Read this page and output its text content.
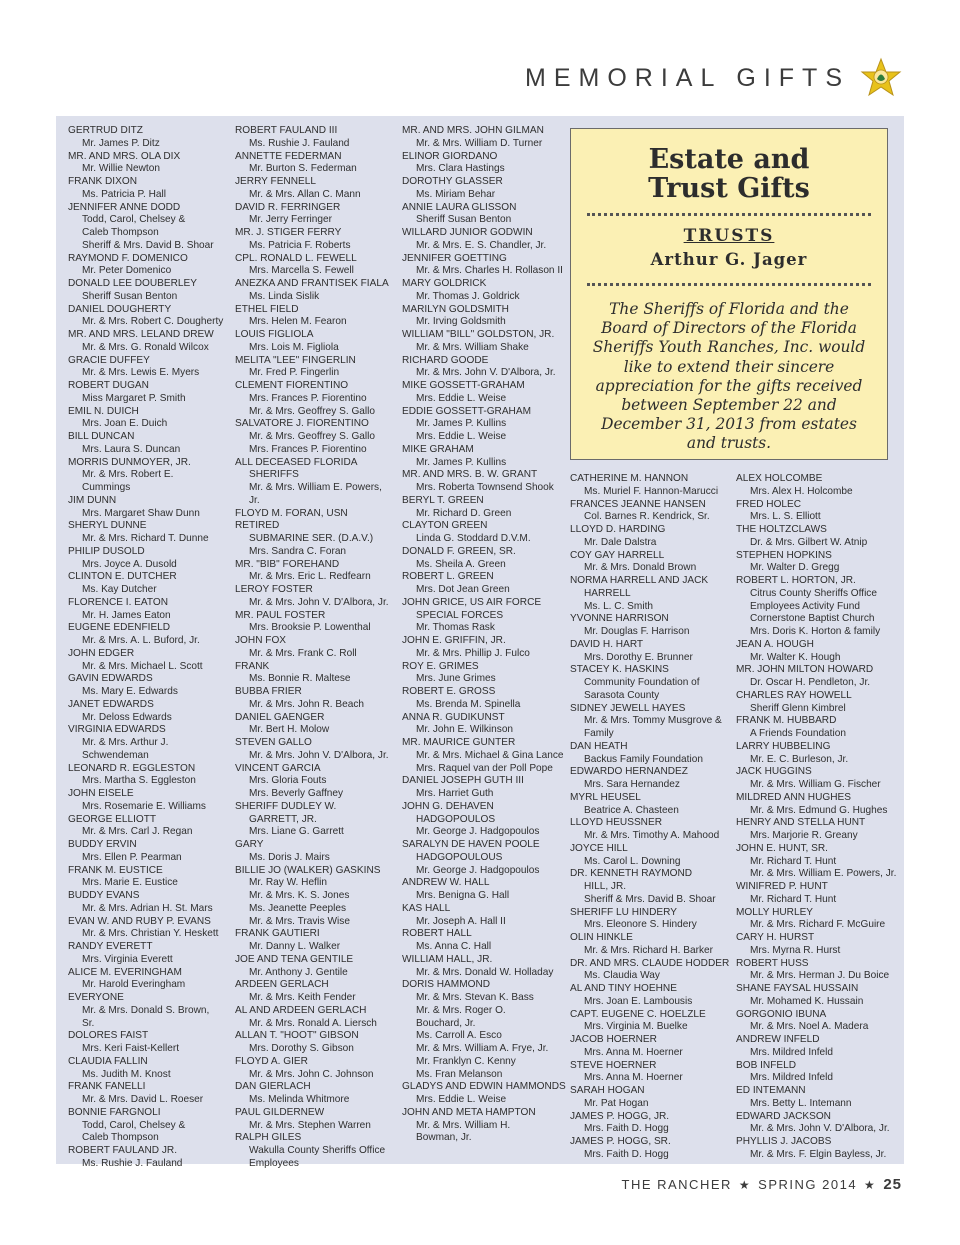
MEMORIAL GIFTS
GERTRUD DITZ
Mr. James P. Ditz
MR. AND MRS. OLA DIX
Mr. Willie Newton
FRANK DIXON
Ms. Patricia P. Hall
JENNIFER ANNE DODD
Todd, Carol, Chelsey &
Caleb Thompson
Sheriff & Mrs. David B. Shoar
RAYMOND F. DOMENICO
Mr. Peter Domenico
DONALD LEE DOUBERLEY
Sheriff Susan Benton
DANIEL DOUGHERTY
Mr. & Mrs. Robert C. Dougherty
MR. AND MRS. LELAND DREW
Mr. & Mrs. G. Ronald Wilcox
GRACIE DUFFEY
Mr. & Mrs. Lewis E. Myers
ROBERT DUGAN
Miss Margaret P. Smith
EMIL N. DUICH
Mrs. Joan E. Duich
BILL DUNCAN
Mrs. Laura S. Duncan
MORRIS DUNMOYER, JR.
Mr. & Mrs. Robert E. Cummings
JIM DUNN
Mrs. Margaret Shaw Dunn
SHERYL DUNNE
Mr. & Mrs. Richard T. Dunne
PHILIP DUSOLD
Mrs. Joyce A. Dusold
CLINTON E. DUTCHER
Ms. Kay Dutcher
FLORENCE I. EATON
Mr. H. James Eaton
EUGENE EDENFIELD
Mr. & Mrs. A. L. Buford, Jr.
JOHN EDGER
Mr. & Mrs. Michael L. Scott
GAVIN EDWARDS
Ms. Mary E. Edwards
JANET EDWARDS
Mr. Deloss Edwards
VIRGINIA EDWARDS
Mr. & Mrs. Arthur J.
Schwendeman
LEONARD R. EGGLESTON
Mrs. Martha S. Eggleston
JOHN EISELE
Mrs. Rosemarie E. Williams
GEORGE ELLIOTT
Mr. & Mrs. Carl J. Regan
BUDDY ERVIN
Mrs. Ellen P. Pearman
FRANK M. EUSTICE
Mrs. Marie E. Eustice
BUDDY EVANS
Mr. & Mrs. Adrian H. St. Mars
EVAN W. AND RUBY P. EVANS
Mr. & Mrs. Christian Y. Heskett
RANDY EVERETT
Mrs. Virginia Everett
ALICE M. EVERINGHAM
Mr. Harold Everingham
EVERYONE
Mr. & Mrs. Donald S. Brown, Sr.
DOLORES FAIST
Mrs. Keri Faist-Kellert
CLAUDIA FALLIN
Ms. Judith M. Knost
FRANK FANELLI
Mr. & Mrs. David L. Roeser
BONNIE FARGNOLI
Todd, Carol, Chelsey &
Caleb Thompson
ROBERT FAULAND JR.
Ms. Rushie J. Fauland
ROBERT FAULAND III
Ms. Rushie J. Fauland
ANNETTE FEDERMAN
Mr. Burton S. Federman
JERRY FENNELL
Mr. & Mrs. Allan C. Mann
DAVID R. FERRINGER
Mr. Jerry Ferringer
MR. J. STIGER FERRY
Ms. Patricia F. Roberts
CPL. RONALD L. FEWELL
Mrs. Marcella S. Fewell
ANEZKA AND FRANTISEK FIALA
Ms. Linda Sislik
ETHEL FIELD
Mrs. Helen M. Fearon
LOUIS FIGLIOLA
Mrs. Lois M. Figliola
MELITA "LEE" FINGERLIN
Mr. Fred P. Fingerlin
CLEMENT FIORENTINO
Mrs. Frances P. Fiorentino
Mr. & Mrs. Geoffrey S. Gallo
SALVATORE J. FIORENTINO
Mr. & Mrs. Geoffrey S. Gallo
Mrs. Frances P. Fiorentino
ALL DECEASED FLORIDA
SHERIFFS
Mr. & Mrs. William E. Powers, Jr.
FLOYD M. FORAN, USN RETIRED
SUBMARINE SER. (D.A.V.)
Mrs. Sandra C. Foran
MR. "BIB" FOREHAND
Mr. & Mrs. Eric L. Redfearn
LEROY FOSTER
Mr. & Mrs. John V. D'Albora, Jr.
MR. PAUL FOSTER
Mrs. Brooksie P. Lowenthal
JOHN FOX
Mr. & Mrs. Frank C. Roll
FRANK
Ms. Bonnie R. Maltese
BUBBA FRIER
Mr. & Mrs. John R. Beach
DANIEL GAENGER
Mr. Bert H. Molow
STEVEN GALLO
Mr. & Mrs. John V. D'Albora, Jr.
VINCENT GARCIA
Mrs. Gloria Fouts
Mrs. Beverly Gaffney
SHERIFF DUDLEY W.
GARRETT, JR.
Mrs. Liane G. Garrett
GARY
Ms. Doris J. Mairs
BILLIE JO (WALKER) GASKINS
Mr. Ray W. Heflin
Mr. & Mrs. K. S. Jones
Ms. Jeanette Peeples
Mr. & Mrs. Travis Wise
FRANK GAUTIERI
Mr. Danny L. Walker
JOE AND TENA GENTILE
Mr. Anthony J. Gentile
ARDEEN GERLACH
Mr. & Mrs. Keith Fender
AL AND ARDEEN GERLACH
Mr. & Mrs. Ronald A. Liersch
ALLAN T. "HOOT" GIBSON
Mrs. Dorothy S. Gibson
FLOYD A. GIER
Mr. & Mrs. John C. Johnson
DAN GIERLACH
Ms. Melinda Whitmore
PAUL GILDERNEW
Mr. & Mrs. Stephen Warren
RALPH GILES
Wakulla County Sheriffs Office
Employees
MR. AND MRS. JOHN GILMAN
Mr. & Mrs. William D. Turner
ELINOR GIORDANO
Mrs. Clara Hastings
DOROTHY GLASSER
Ms. Miriam Behar
ANNIE LAURA GLISSON
Sheriff Susan Benton
WILLARD JUNIOR GODWIN
Mr. & Mrs. E. S. Chandler, Jr.
JENNIFER GOETTING
Mr. & Mrs. Charles H. Rollason II
MARY GOLDRICK
Mr. Thomas J. Goldrick
MARILYN GOLDSMITH
Mr. Irving Goldsmith
WILLIAM "BILL" GOLDSTON, JR.
Mr. & Mrs. William Shake
RICHARD GOODE
Mr. & Mrs. John V. D'Albora, Jr.
MIKE GOSSETT-GRAHAM
Mrs. Eddie L. Weise
EDDIE GOSSETT-GRAHAM
Mr. James P. Kullins
Mrs. Eddie L. Weise
MIKE GRAHAM
Mr. James P. Kullins
MR. AND MRS. B. W. GRANT
Mrs. Roberta Townsend Shook
BERYL T. GREEN
Mr. Richard D. Green
CLAYTON GREEN
Linda G. Stoddard D.V.M.
DONALD F. GREEN, SR.
Ms. Sheila A. Green
ROBERT L. GREEN
Mrs. Dot Jean Green
JOHN GRICE, US AIR FORCE
SPECIAL FORCES
Mr. Thomas Rask
JOHN E. GRIFFIN, JR.
Mr. & Mrs. Phillip J. Fulco
ROY E. GRIMES
Mrs. June Grimes
ROBERT E. GROSS
Ms. Brenda M. Spinella
ANNA R. GUDIKUNST
Mr. John E. Wilkinson
MR. MAURICE GUNTER
Mr. & Mrs. Michael & Gina Lance
Mrs. Raquel van der Poll Pope
DANIEL JOSEPH GUTH III
Mrs. Harriet Guth
JOHN G. DEHAVEN
HADGOPOULOS
Mr. George J. Hadgopoulos
SARALYN DE HAVEN POOLE
HADGOPOULOUS
Mr. George J. Hadgopoulos
ANDREW W. HALL
Mrs. Benigna G. Hall
KAS HALL
Mr. Joseph A. Hall II
ROBERT HALL
Ms. Anna C. Hall
WILLIAM HALL, JR.
Mr. & Mrs. Donald W. Holladay
DORIS HAMMOND
Mr. & Mrs. Stevan K. Bass
Mr. & Mrs. Roger O.
Bouchard, Jr.
Ms. Carroll A. Esco
Mr. & Mrs. William A. Frye, Jr.
Mr. Franklyn C. Kenny
Ms. Fran Melanson
GLADYS AND EDWIN HAMMONDS
Mrs. Eddie L. Weise
JOHN AND META HAMPTON
Mr. & Mrs. William H.
Bowman, Jr.
Estate and
Trust Gifts
TRUSTS
Arthur G. Jager
The Sheriffs of Florida and the Board of Directors of the Florida Sheriffs Youth Ranches, Inc. would like to extend their sincere appreciation for the gifts received between September 22 and December 31, 2013 from estates and trusts.
CATHERINE M. HANNON
Ms. Muriel F. Hannon-Marucci
FRANCES JEANNE HANSEN
Col. Barnes R. Kendrick, Sr.
LLOYD D. HARDING
Mr. Dale Dalstra
COY GAY HARRELL
Mr. & Mrs. Donald Brown
NORMA HARRELL AND JACK
HARRELL
Ms. L. C. Smith
YVONNE HARRISON
Mr. Douglas F. Harrison
DAVID H. HART
Mrs. Dorothy E. Brunner
STACEY K. HASKINS
Community Foundation of
Sarasota County
SIDNEY JEWELL HAYES
Mr. & Mrs. Tommy Musgrove &
Family
DAN HEATH
Backus Family Foundation
EDWARDO HERNANDEZ
Mrs. Sara Hernandez
MYRL HEUSEL
Beatrice A. Chasteen
LLOYD HEUSSNER
Mr. & Mrs. Timothy A. Mahood
JOYCE HILL
Ms. Carol L. Downing
DR. KENNETH RAYMOND
HILL, JR.
Sheriff & Mrs. David B. Shoar
SHERIFF LU HINDERY
Mrs. Eleonore S. Hindery
OLIN HINKLE
Mr. & Mrs. Richard H. Barker
DR. AND MRS. CLAUDE HODDER
Ms. Claudia Way
AL AND TINY HOEHNE
Mrs. Joan E. Lambousis
CAPT. EUGENE C. HOELZLE
Mrs. Virginia M. Buelke
JACOB HOERNER
Mrs. Anna M. Hoerner
STEVE HOERNER
Mrs. Anna M. Hoerner
SARAH HOGAN
Mr. Pat Hogan
JAMES P. HOGG, JR.
Mrs. Faith D. Hogg
JAMES P. HOGG, SR.
Mrs. Faith D. Hogg
ALEX HOLCOMBE
Mrs. Alex H. Holcombe
FRED HOLEC
Mrs. L. S. Elliott
THE HOLTZCLAWS
Dr. & Mrs. Gilbert W. Atnip
STEPHEN HOPKINS
Mr. Walter D. Gregg
ROBERT L. HORTON, JR.
Citrus County Sheriffs Office
Employees Activity Fund
Cornerstone Baptist Church
Mrs. Doris K. Horton & family
JEAN A. HOUGH
Mr. Walter K. Hough
MR. JOHN MILTON HOWARD
Dr. Oscar H. Pendleton, Jr.
CHARLES RAY HOWELL
Sheriff Glenn Kimbrel
FRANK M. HUBBARD
A Friends Foundation
LARRY HUBBELING
Mr. E. C. Burleson, Jr.
JACK HUGGINS
Mr. & Mrs. William G. Fischer
MILDRED ANN HUGHES
Mr. & Mrs. Edmund G. Hughes
HENRY AND STELLA HUNT
Mrs. Marjorie R. Greany
JOHN E. HUNT, SR.
Mr. Richard T. Hunt
Mr. & Mrs. William E. Powers, Jr.
WINIFRED P. HUNT
Mr. Richard T. Hunt
MOLLY HURLEY
Mr. & Mrs. Richard F. McGuire
CARY H. HURST
Mrs. Myrna R. Hurst
ROBERT HUSS
Mr. & Mrs. Herman J. Du Boice
SHANE FAYSAL HUSSAIN
Mr. Mohamed K. Hussain
GORGONIO IBUNA
Mr. & Mrs. Noel A. Madera
ANDREW INFELD
Mrs. Mildred Infeld
BOB INFELD
Mrs. Mildred Infeld
ED INTEMANN
Mrs. Betty L. Intemann
EDWARD JACKSON
Mr. & Mrs. John V. D'Albora, Jr.
PHYLLIS J. JACOBS
Mr. & Mrs. F. Elgin Bayless, Jr.
THE RANCHER ★ SPRING 2014 ★ 25
